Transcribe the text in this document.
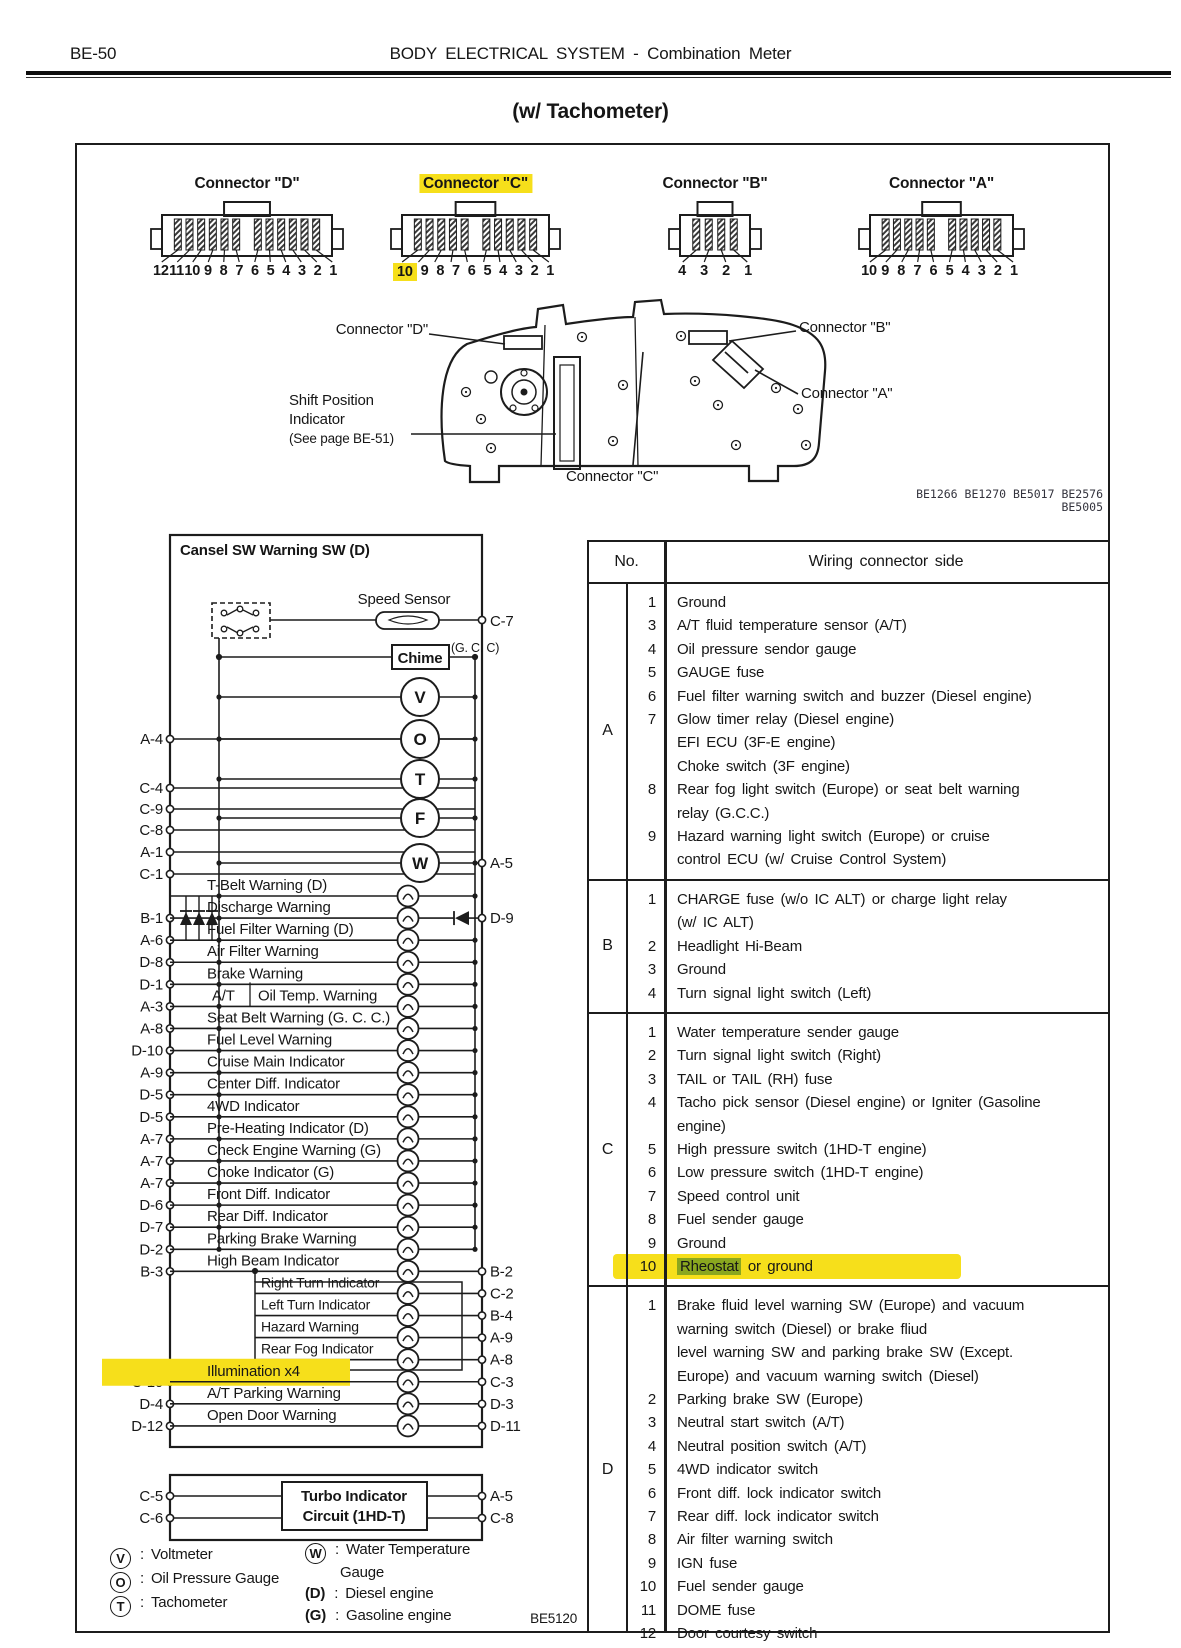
BE-50	BODY ELECTRICAL SYSTEM - Combination Meter
(w/ Tachometer)
A-4
C-4
C-9
C-8
A-1
C-1
B-1
A-6
D-8
D-1
A-3
A-8
D-10
A-9
D-5
D-5
A-7
A-7
A-7
D-6
D-7
D-2
B-3
D-4
D-12
T-Belt Warning (D)
D-9
Discharge Warning
Fuel Filter Warning (D)
Air Filter Warning
Brake Warning
A/T Oil Temp. Warning
Seat Belt Warning (G. C. C.)
Fuel Level Warning
Cruise Main Indicator
Center Diff. Indicator
4WD Indicator
Pre-Heating Indicator (D)
Check Engine Warning (G)
Choke Indicator (G)
Front Diff. Indicator
Rear Diff. Indicator
Parking Brake Warning
B-2
High Beam Indicator
C-2
Right Turn Indicator
B-4
Left Turn Indicator
A-9
Hazard Warning
A-8
Rear Fog Indicator
C-3
Illumination x4
D-3
A/T Parking Warning
D-11
Open Door Warning
V
O
T
F
A-5
W
Cansel SW Warning SW (D)
Speed Sensor
C-7
Chime
(G. C. C)
Turbo Indicator
Circuit (1HD-T)
C-5
C-6
A-5
C-8
Connector "D"
12 11 10 9 8 7 6 5 4 3 2 1
Connector "C"
10 9 8 7 6 5 4 3 2 1
Connector "B"
4 3 2 1
Connector "A"
10 9 8 7 6 5 4 3 2 1
Connector "D"	Connector "B"
Connector "A"
Connector "C"
Shift Position
Indicator
(See page BE-51)
BE1266 BE1270 BE5017 BE2576
BE5005
V : Voltmeter
O : Oil Pressure Gauge
T : Tachometer
W : Water Temperature
Gauge
(D) : Diesel engine
(G) : Gasoline engine	BE5120
No.	Wiring connector side
A
1	Ground
3	A/T fluid temperature sensor (A/T)
4	Oil pressure sendor gauge
5	GAUGE fuse
6	Fuel filter warning switch and buzzer (Diesel engine)
7	Glow timer relay (Diesel engine)
EFI ECU (3F-E engine)
Choke switch (3F engine)
8	Rear fog light switch (Europe) or seat belt warning
relay (G.C.C.)
9	Hazard warning light switch (Europe) or cruise
control ECU (w/ Cruise Control System)
B
1	CHARGE fuse (w/o IC ALT) or charge light relay
(w/ IC ALT)
2	Headlight Hi-Beam
3	Ground
4	Turn signal light switch (Left)
C
1	Water temperature sender gauge
2	Turn signal light switch (Right)
3	TAIL or TAIL (RH) fuse
4	Tacho pick sensor (Diesel engine) or Igniter (Gasoline
engine)
5	High pressure switch (1HD-T engine)
6	Low pressure switch (1HD-T engine)
7	Speed control unit
8	Fuel sender gauge
9	Ground
10	Rheostat or ground
D
1	Brake fluid level warning SW (Europe) and vacuum
warning switch (Diesel) or brake fliud
level warning SW and parking brake SW (Except.
Europe) and vacuum warning switch (Diesel)
2	Parking brake SW (Europe)
3	Neutral start switch (A/T)
4	Neutral position switch (A/T)
5	4WD indicator switch
6	Front diff. lock indicator switch
7	Rear diff. lock indicator switch
8	Air filter warning switch
9	IGN fuse
10	Fuel sender gauge
11	DOME fuse
12	Door courtesy switch
